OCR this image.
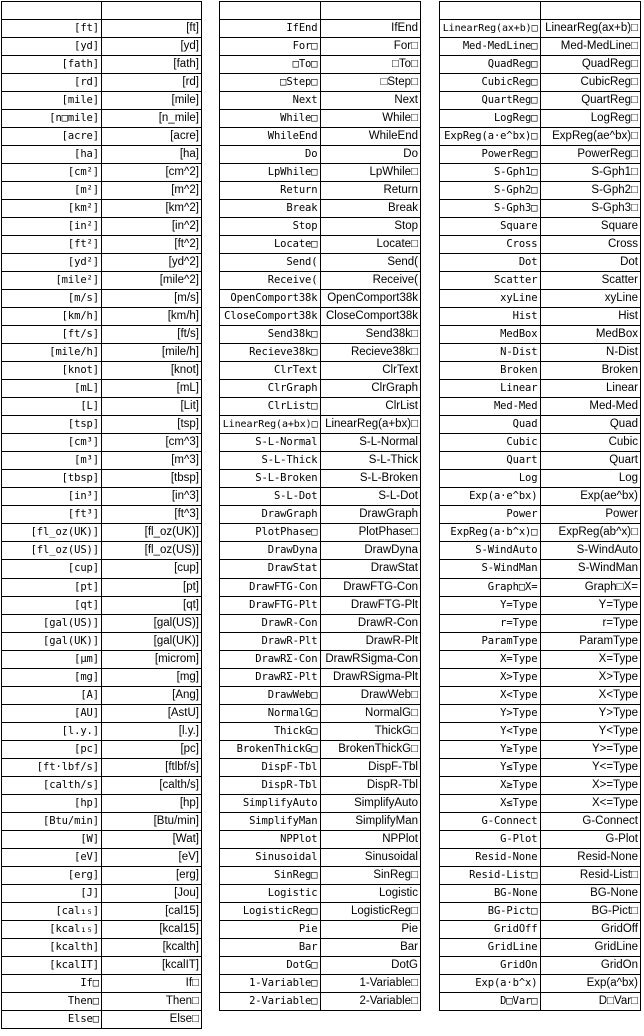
[ft]	[ft]
[yd]	[yd]
[fath]	[fath]
[rd]	[rd]
[mile]	[mile]
[n□mile]	[n_mile]
[acre]	[acre]
[ha]	[ha]
[cm²]	[cm^2]
[m²]	[m^2]
[km²]	[km^2]
[in²]	[in^2]
[ft²]	[ft^2]
[yd²]	[yd^2]
[mile²]	[mile^2]
[m/s]	[m/s]
[km/h]	[km/h]
[ft/s]	[ft/s]
[mile/h]	[mile/h]
[knot]	[knot]
[mL]	[mL]
[L]	[Lit]
[tsp]	[tsp]
[cm³]	[cm^3]
[m³]	[m^3]
[tbsp]	[tbsp]
[in³]	[in^3]
[ft³]	[ft^3]
[fl_oz(UK)]	[fl_oz(UK)]
[fl_oz(US)]	[fl_oz(US)]
[cup]	[cup]
[pt]	[pt]
[qt]	[qt]
[gal(US)]	[gal(US)]
[gal(UK)]	[gal(UK)]
[μm]	[microm]
[mg]	[mg]
[A]	[Ang]
[AU]	[AstU]
[l.y.]	[l.y.]
[pc]	[pc]
[ft·lbf/s]	[ftlbf/s]
[calth/s]	[calth/s]
[hp]	[hp]
[Btu/min]	[Btu/min]
[W]	[Wat]
[eV]	[eV]
[erg]	[erg]
[J]	[Jou]
[cal₁₅]	[cal15]
[kcal₁₅]	[kcal15]
[kcalth]	[kcalth]
[kcalIT]	[kcalIT]
If□	If□
Then□	Then□
Else□	Else□

IfEnd	IfEnd
For□	For□
□To□	□To□
□Step□	□Step□
Next	Next
While□	While□
WhileEnd	WhileEnd
Do	Do
LpWhile□	LpWhile□
Return	Return
Break	Break
Stop	Stop
Locate□	Locate□
Send(	Send(
Receive(	Receive(
OpenComport38k	OpenComport38k
CloseComport38k	CloseComport38k
Send38k□	Send38k□
Recieve38k□	Recieve38k□
ClrText	ClrText
ClrGraph	ClrGraph
ClrList□	ClrList
LinearReg(a+bx)□	LinearReg(a+bx)□
S-L-Normal	S-L-Normal
S-L-Thick	S-L-Thick
S-L-Broken	S-L-Broken
S-L-Dot	S-L-Dot
DrawGraph	DrawGraph
PlotPhase□	PlotPhase□
DrawDyna	DrawDyna
DrawStat	DrawStat
DrawFTG-Con	DrawFTG-Con
DrawFTG-Plt	DrawFTG-Plt
DrawR-Con	DrawR-Con
DrawR-Plt	DrawR-Plt
DrawRΣ-Con	DrawRSigma-Con
DrawRΣ-Plt	DrawRSigma-Plt
DrawWeb□	DrawWeb□
NormalG□	NormalG□
ThickG□	ThickG□
BrokenThickG□	BrokenThickG□
DispF-Tbl	DispF-Tbl
DispR-Tbl	DispR-Tbl
SimplifyAuto	SimplifyAuto
SimplifyMan	SimplifyMan
NPPlot	NPPlot
Sinusoidal	Sinusoidal
SinReg□	SinReg□
Logistic	Logistic
LogisticReg□	LogisticReg□
Pie	Pie
Bar	Bar
DotG□	DotG
1-Variable□	1-Variable□
2-Variable□	2-Variable□

LinearReg(ax+b)□	LinearReg(ax+b)□
Med-MedLine□	Med-MedLine□
QuadReg□	QuadReg□
CubicReg□	CubicReg□
QuartReg□	QuartReg□
LogReg□	LogReg□
ExpReg(a·e^bx)□	ExpReg(ae^bx)□
PowerReg□	PowerReg□
S-Gph1□	S-Gph1□
S-Gph2□	S-Gph2□
S-Gph3□	S-Gph3□
Square	Square
Cross	Cross
Dot	Dot
Scatter	Scatter
xyLine	xyLine
Hist	Hist
MedBox	MedBox
N-Dist	N-Dist
Broken	Broken
Linear	Linear
Med-Med	Med-Med
Quad	Quad
Cubic	Cubic
Quart	Quart
Log	Log
Exp(a·e^bx)	Exp(ae^bx)
Power	Power
ExpReg(a·b^x)□	ExpReg(ab^x)□
S-WindAuto	S-WindAuto
S-WindMan	S-WindMan
Graph□X=	Graph□X=
Y=Type	Y=Type
r=Type	r=Type
ParamType	ParamType
X=Type	X=Type
X>Type	X>Type
X<Type	X<Type
Y>Type	Y>Type
Y<Type	Y<Type
Y≥Type	Y>=Type
Y≤Type	Y<=Type
X≥Type	X>=Type
X≤Type	X<=Type
G-Connect	G-Connect
G-Plot	G-Plot
Resid-None	Resid-None
Resid-List□	Resid-List□
BG-None	BG-None
BG-Pict□	BG-Pict□
GridOff	GridOff
GridLine	GridLine
GridOn	GridOn
Exp(a·b^x)	Exp(a^bx)
D□Var□	D□Var□
